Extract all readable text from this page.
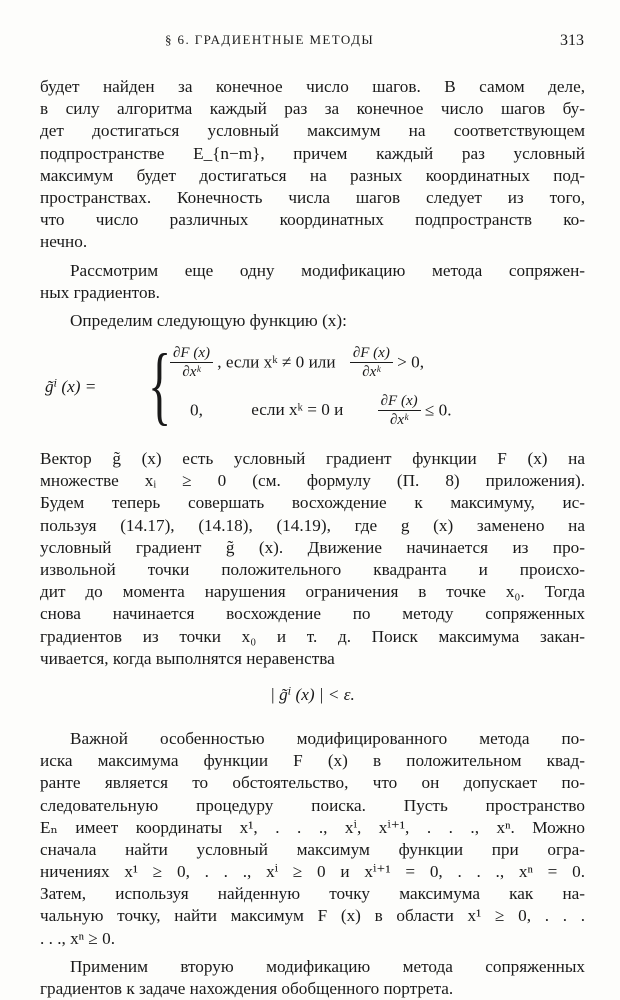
§ 6. ГРАДИЕНТНЫЕ МЕТОДЫ	313
будет найден за конечное число шагов. В самом деле,
в силу алгоритма каждый раз за конечное число шагов бу-
дет достигаться условный максимум на соответствующем
подпространстве E_{n−m}, причем каждый раз условный
максимум будет достигаться на разных координатных под-
пространствах. Конечность числа шагов следует из того,
что число различных координатных подпространств ко-
нечно.
Рассмотрим еще одну модификацию метода сопряжен-
ных градиентов.
Определим следующую функцию (x):
g̃ⁱ (x) = {
$\frac{\partial F (x)}{\text{∂xᵏ}}$ , если xᵏ ≠ 0 или $\frac{\partial F (x)}{\text{∂xᵏ}} > 0$,
0,	если xᵏ = 0 и $\frac{\partial F (x)}{\text{∂xᵏ}} \le 0$.
Вектор g̃ (x) есть условный градиент функции F (x) на
множестве xᵢ ≥ 0 (см. формулу (П. 8) приложения).
Будем теперь совершать восхождение к максимуму, ис-
пользуя (14.17), (14.18), (14.19), где g (x) заменено на
условный градиент g̃ (x). Движение начинается из про-
извольной точки положительного квадранта и происхо-
дит до момента нарушения ограничения в точке x₀. Тогда
снова начинается восхождение по методу сопряженных
градиентов из точки x₀ и т. д. Поиск максимума закан-
чивается, когда выполнятся неравенства
| g̃ⁱ (x) | < ε.
Важной особенностью модифицированного метода по-
иска максимума функции F (x) в положительном квад-
ранте является то обстоятельство, что он допускает по-
следовательную процедуру поиска. Пусть пространство
Eₙ имеет координаты x¹, . . ., xⁱ, xⁱ⁺¹, . . ., xⁿ. Можно
сначала найти условный максимум функции при огра-
ничениях x¹ ≥ 0, . . ., xⁱ ≥ 0 и xⁱ⁺¹ = 0, . . ., xⁿ = 0.
Затем, используя найденную точку максимума как на-
чальную точку, найти максимум F (x) в области x¹ ≥ 0, . . .
. . ., xⁿ ≥ 0.
Применим вторую модификацию метода сопряженных
градиентов к задаче нахождения обобщенного портрета.
